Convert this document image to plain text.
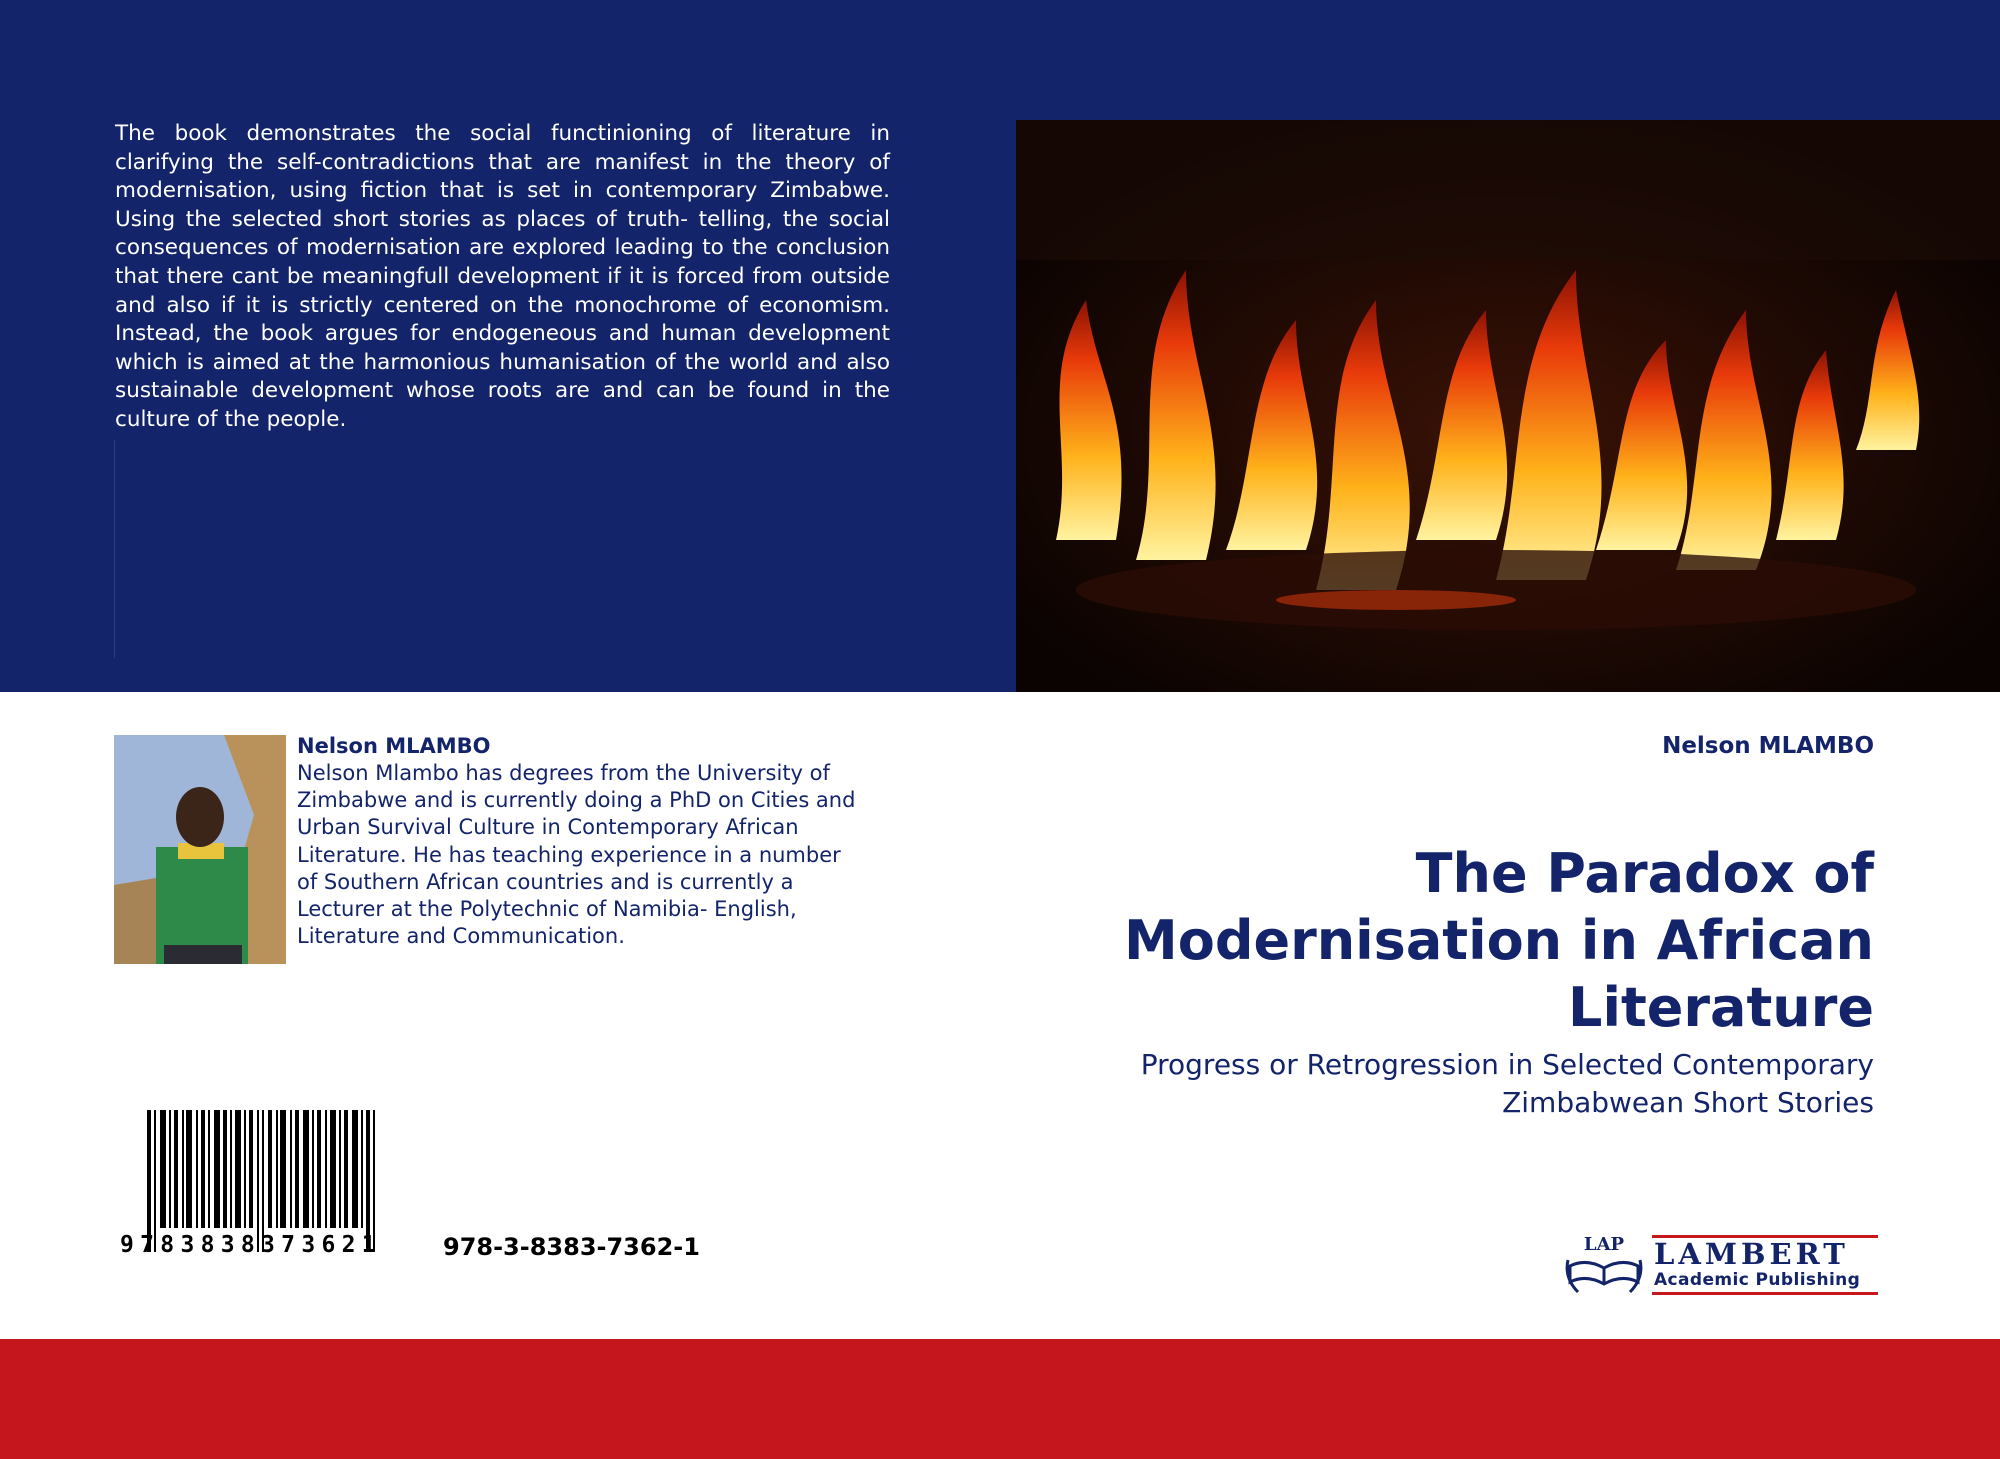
The book demonstrates the social functinioning of literature in clarifying the self-contradictions that are manifest in the theory of modernisation, using fiction that is set in contemporary Zimbabwe. Using the selected short stories as places of truth- telling, the social consequences of modernisation are explored leading to the conclusion that there cant be meaningfull development if it is forced from outside and also if it is strictly centered on the monochrome of economism. Instead, the book argues for endogeneous and human development which is aimed at the harmonious humanisation of the world and also sustainable development whose roots are and can be found in the culture of the people.

Nelson MLAMBO

Nelson Mlambo has degrees from the University of Zimbabwe and is currently doing a PhD on Cities and Urban Survival Culture in Contemporary African Literature. He has teaching experience in a number of Southern African countries and is currently a Lecturer at the Polytechnic of Namibia- English, Literature and Communication.

Nelson MLAMBO

The Paradox of Modernisation in African Literature

Progress or Retrogression in Selected Contemporary Zimbabwean Short Stories

9783838373621	978-3-8383-7362-1	LAP LAMBERT

Academic Publishing
